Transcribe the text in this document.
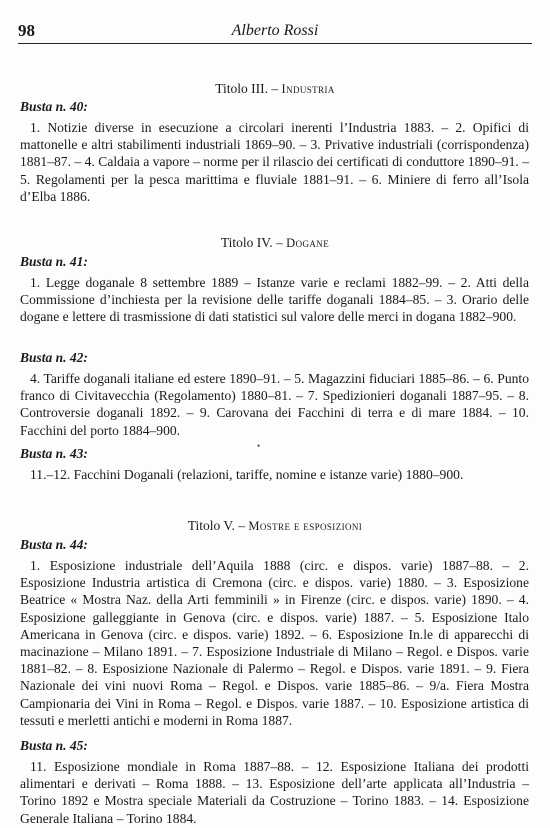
98	Alberto Rossi
Titolo III. – Industria
Busta n. 40:
1. Notizie diverse in esecuzione a circolari inerenti l’Industria 1883. – 2. Opifici di mattonelle e altri stabilimenti industriali 1869–90. – 3. Privative industriali (corrispondenza) 1881–87. – 4. Caldaia a vapore – norme per il rilascio dei certificati di conduttore 1890–91. – 5. Regolamenti per la pesca marittima e fluviale 1881–91. – 6. Miniere di ferro all’Isola d’Elba 1886.
Titolo IV. – Dogane
Busta n. 41:
1. Legge doganale 8 settembre 1889 – Istanze varie e reclami 1882–99. – 2. Atti della Commissione d’inchiesta per la revisione delle tariffe doganali 1884–85. – 3. Orario delle dogane e lettere di trasmissione di dati statistici sul valore delle merci in dogana 1882–900.
Busta n. 42:
4. Tariffe doganali italiane ed estere 1890–91. – 5. Magazzini fiduciari 1885–86. – 6. Punto franco di Civitavecchia (Regolamento) 1880–81. – 7. Spedizionieri doganali 1887–95. – 8. Controversie doganali 1892. – 9. Carovana dei Facchini di terra e di mare 1884. – 10. Facchini del porto 1884–900.
•
Busta n. 43:
11.–12. Facchini Doganali (relazioni, tariffe, nomine e istanze varie) 1880–900.
Titolo V. – Mostre e esposizioni
Busta n. 44:
1. Esposizione industriale dell’Aquila 1888 (circ. e dispos. varie) 1887–88. – 2. Esposizione Industria artistica di Cremona (circ. e dispos. varie) 1880. – 3. Esposizione Beatrice « Mostra Naz. della Arti femminili » in Firenze (circ. e dispos. varie) 1890. – 4. Esposizione galleggiante in Genova (circ. e dispos. varie) 1887. – 5. Esposizione Italo Americana in Genova (circ. e dispos. varie) 1892. – 6. Esposizione In.le di apparecchi di macinazione – Milano 1891. – 7. Esposizione Industriale di Milano – Regol. e Dispos. varie 1881–82. – 8. Esposizione Nazionale di Palermo – Regol. e Dispos. varie 1891. – 9. Fiera Nazionale dei vini nuovi Roma – Regol. e Dispos. varie 1885–86. – 9/a. Fiera Mostra Campionaria dei Vini in Roma – Regol. e Dispos. varie 1887. – 10. Esposizione artistica di tessuti e merletti antichi e moderni in Roma 1887.
Busta n. 45:
11. Esposizione mondiale in Roma 1887–88. – 12. Esposizione Italiana dei prodotti alimentari e derivati – Roma 1888. – 13. Esposizione dell’arte applicata all’Industria – Torino 1892 e Mostra speciale Materiali da Costruzione – Torino 1883. – 14. Esposizione Generale Italiana – Torino 1884.
